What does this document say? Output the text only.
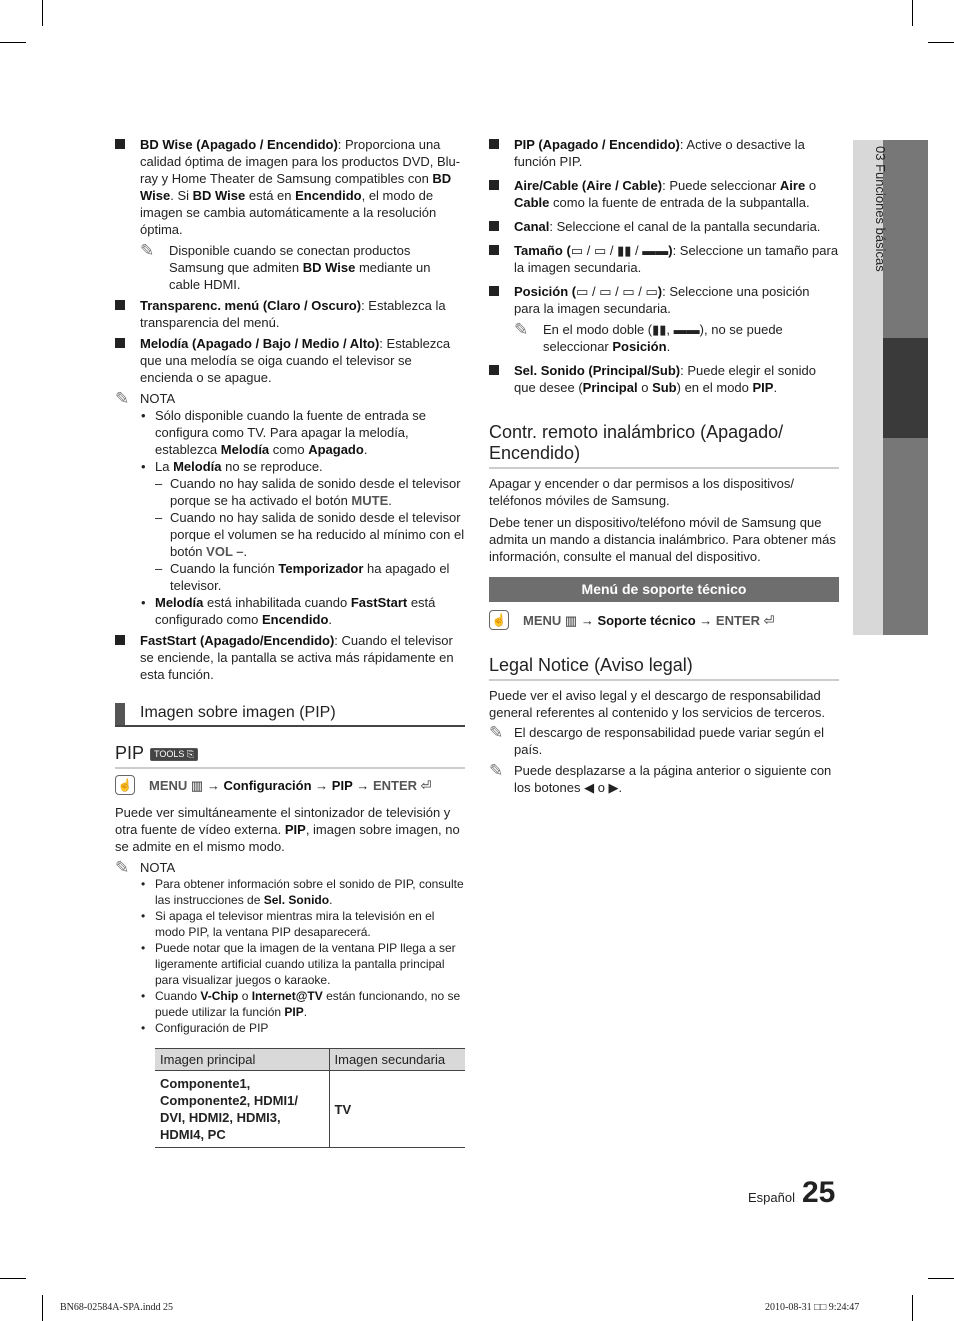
BD Wise (Apagado / Encendido): Proporciona una calidad óptima de imagen para los productos DVD, Blu-ray y Home Theater de Samsung compatibles con BD Wise. Si BD Wise está en Encendido, el modo de imagen se cambia automáticamente a la resolución óptima.
✎ Disponible cuando se conectan productos Samsung que admiten BD Wise mediante un cable HDMI.
Transparenc. menú (Claro / Oscuro): Establezca la transparencia del menú.
Melodía (Apagado / Bajo / Medio / Alto): Establezca que una melodía se oiga cuando el televisor se encienda o se apague.
✎ NOTA
• Sólo disponible cuando la fuente de entrada se configura como TV. Para apagar la melodía, establezca Melodía como Apagado.
• La Melodía no se reproduce.
– Cuando no hay salida de sonido desde el televisor porque se ha activado el botón MUTE.
– Cuando no hay salida de sonido desde el televisor porque el volumen se ha reducido al mínimo con el botón VOL –.
– Cuando la función Temporizador ha apagado el televisor.
• Melodía está inhabilitada cuando FastStart está configurado como Encendido.
FastStart (Apagado/Encendido): Cuando el televisor se enciende, la pantalla se activa más rápidamente en esta función.
Imagen sobre imagen (PIP)
PIP TOOLS ⎘
☝ MENU ▥ → Configuración → PIP → ENTER ⏎
Puede ver simultáneamente el sintonizador de televisión y otra fuente de vídeo externa. PIP, imagen sobre imagen, no se admite en el mismo modo.
✎ NOTA
• Para obtener información sobre el sonido de PIP, consulte las instrucciones de Sel. Sonido.
• Si apaga el televisor mientras mira la televisión en el modo PIP, la ventana PIP desaparecerá.
• Puede notar que la imagen de la ventana PIP llega a ser ligeramente artificial cuando utiliza la pantalla principal para visualizar juegos o karaoke.
• Cuando V-Chip o Internet@TV están funcionando, no se puede utilizar la función PIP.
• Configuración de PIP
Imagen principal	Imagen secundaria
Componente1, Componente2, HDMI1/ DVI, HDMI2, HDMI3, HDMI4, PC	TV
PIP (Apagado / Encendido): Active o desactive la función PIP.
Aire/Cable (Aire / Cable): Puede seleccionar Aire o Cable como la fuente de entrada de la subpantalla.
Canal: Seleccione el canal de la pantalla secundaria.
Tamaño (▭ / ▭ / ▮▮ / ▬▬): Seleccione un tamaño para la imagen secundaria.
Posición (▭ / ▭ / ▭ / ▭): Seleccione una posición para la imagen secundaria.
✎ En el modo doble (▮▮, ▬▬), no se puede seleccionar Posición.
Sel. Sonido (Principal/Sub): Puede elegir el sonido que desee (Principal o Sub) en el modo PIP.
Contr. remoto inalámbrico (Apagado/ Encendido)
Apagar y encender o dar permisos a los dispositivos/ teléfonos móviles de Samsung.
Debe tener un dispositivo/teléfono móvil de Samsung que admita un mando a distancia inalámbrico. Para obtener más información, consulte el manual del dispositivo.
Menú de soporte técnico
☝ MENU ▥ → Soporte técnico → ENTER ⏎
Legal Notice (Aviso legal)
Puede ver el aviso legal y el descargo de responsabilidad general referentes al contenido y los servicios de terceros.
✎ El descargo de responsabilidad puede variar según el país.
✎ Puede desplazarse a la página anterior o siguiente con los botones ◀ o ▶.
03 Funciones básicas
Español 25
BN68-02584A-SPA.indd 25	2010-08-31 □□ 9:24:47
